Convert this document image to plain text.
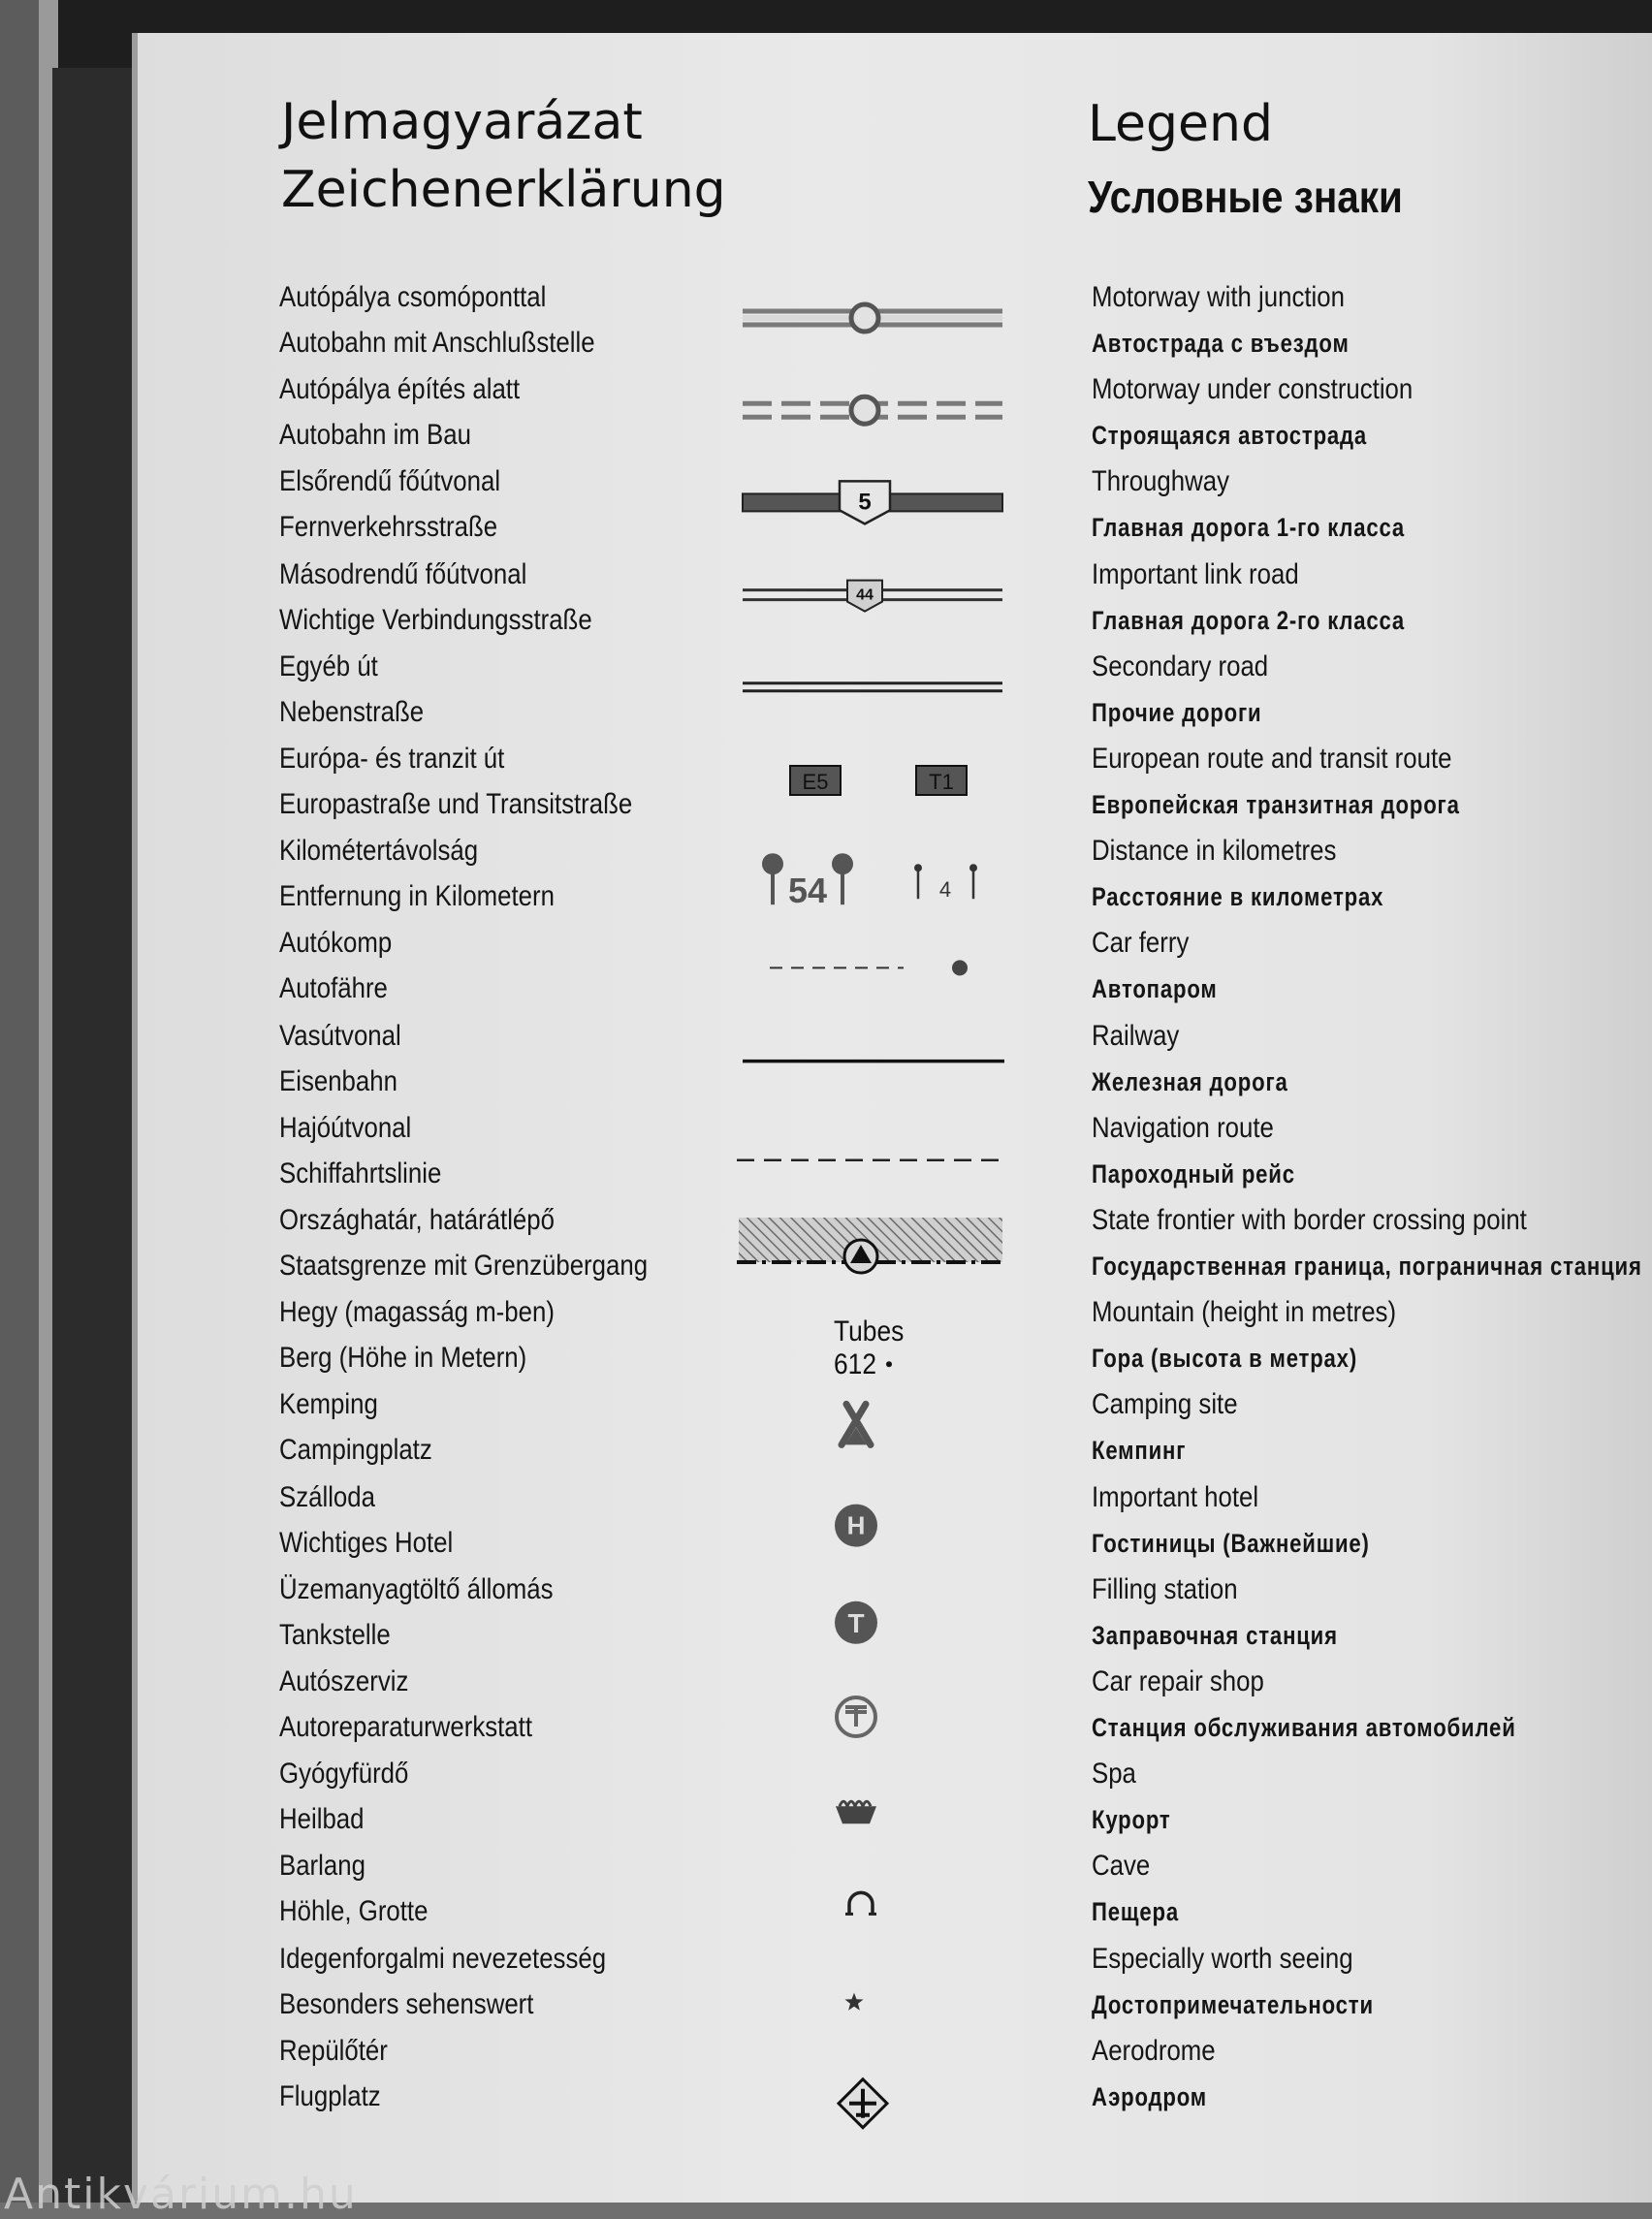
Jelmagyarázat
Zeichenerklärung
Legend
Условные знаки
Autópálya csomóponttal
Autobahn mit Anschlußstelle
Motorway with junction
Автострада с въездом
Autópálya építés alatt
Autobahn im Bau
Motorway under construction
Строящаяся автострада
Elsőrendű főútvonal
Fernverkehrsstraße
Throughway
Главная дорога 1-го класса
Másodrendű főútvonal
Wichtige Verbindungsstraße
Important link road
Главная дорога 2-го класса
Egyéb út
Nebenstraße
Secondary road
Прочие дороги
Európa- és tranzit út
Europastraße und Transitstraße
European route and transit route
Европейская транзитная дорога
Kilométertávolság
Entfernung in Kilometern
Distance in kilometres
Расстояние в километрах
Autókomp
Autofähre
Car ferry
Автопаром
Vasútvonal
Eisenbahn
Railway
Железная дорога
Hajóútvonal
Schiffahrtslinie
Navigation route
Пароходный рейс
Országhatár, határátlépő
Staatsgrenze mit Grenzübergang
State frontier with border crossing point
Государственная граница, пограничная станция
Hegy (magasság m-ben)
Berg (Höhe in Metern)
Mountain (height in metres)
Гора (высота в метрах)
Kemping
Campingplatz
Camping site
Кемпинг
Szálloda
Wichtiges Hotel
Important hotel
Гостиницы (Важнейшие)
Üzemanyagtöltő állomás
Tankstelle
Filling station
Заправочная станция
Autószerviz
Autoreparaturwerkstatt
Car repair shop
Станция обслуживания автомобилей
Gyógyfürdő
Heilbad
Spa
Курорт
Barlang
Höhle, Grotte
Cave
Пещера
Idegenforgalmi nevezetesség
Besonders sehenswert
Especially worth seeing
Достопримечательности
Repülőtér
Flugplatz
Aerodrome
Аэродром
5
44
E5	T1
54	4
Tubes
612
H
T
Antikvárium.hu
